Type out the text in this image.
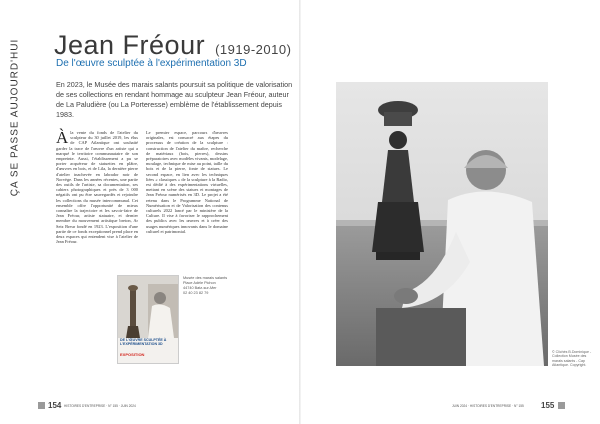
ÇA SE PASSE AUJOURD'HUI Jean Fréour (1919-2010)
De l'œuvre sculptée à l'expérimentation 3D
En 2023, le Musée des marais salants poursuit sa politique de valorisation de ses collections en rendant hommage au sculpteur Jean Fréour, auteur de La Paludière (ou La Porteresse) emblème de l'établissement depuis 1983.
À la vente du fonds de l'atelier du sculpteur du 30 juillet 2019, les élus de CAP Atlantique ont souhaité garder la trace de l'œuvre d'un artiste qui a marqué le territoire communautaire de son empreinte. Aussi, l'établissement a pu se porter acquéreur de statuettes en plâtre, d'œuvres en bois, et de Lila, la dernière pierre d'atelier inachevée en labrador noir de Norvège. Dans les années récentes, une partie des outils de l'artiste, sa documentation, ses cahiers photographiques et près de 3 000 négatifs ont pu être sauvegardés et rejoindre les collections du musée intercommunal. Cet ensemble offre l'opportunité de mieux connaître la trajectoire et les savoir-faire de Jean Fréour, artiste statuaire, et dernier membre du mouvement artistique breton, Ar Seiz Breur fondé en 1923. L'exposition d'une partie de ce fonds exceptionnel prend place en deux espaces qui entendent vise à l'atelier de Jean Fréour.
Le premier espace, parcours d'œuvres originales, est consacré aux étapes du processus de création de la sculpture : construction de l'atelier du maître, recherche de matériaux (bois, pierres), dessins préparatoires avec modèles vivants, modelage, moulage, technique de mise au point, taille du bois et de la pierre, fonte de statues. Le second espace, en lien avec les techniques liées « classiques » de la sculpture à la Radio, est dédié à des expérimentations virtuelles, mettant en scène des statues et montages de Jean Fréour numérisés en 3D. Le projet a été retenu dans le Programme National de Numérisation et de Valorisation des contenus culturels 2022 lancé par le ministère de la Culture. Il vise à favoriser le rapprochement des publics avec les œuvres et à créer des usages numériques innovants dans le domaine culturel et patrimonial.
DE L'ŒUVRE SCULPTÉE À L'EXPÉRIMENTATION 3D
EXPOSITION
Musée des marais salants
Place Adèle Pichon
44740 Batz-sur-Mer
02 40 23 82 79
© Clichés B.Dominique - Collection Musée des marais salants - Cap Atlantique. Copyright.
154 HISTOIRES D'ENTREPRISE · N° 155 · JUIN 2024	JUIN 2024 · HISTOIRES D'ENTREPRISE · N° 155 155
